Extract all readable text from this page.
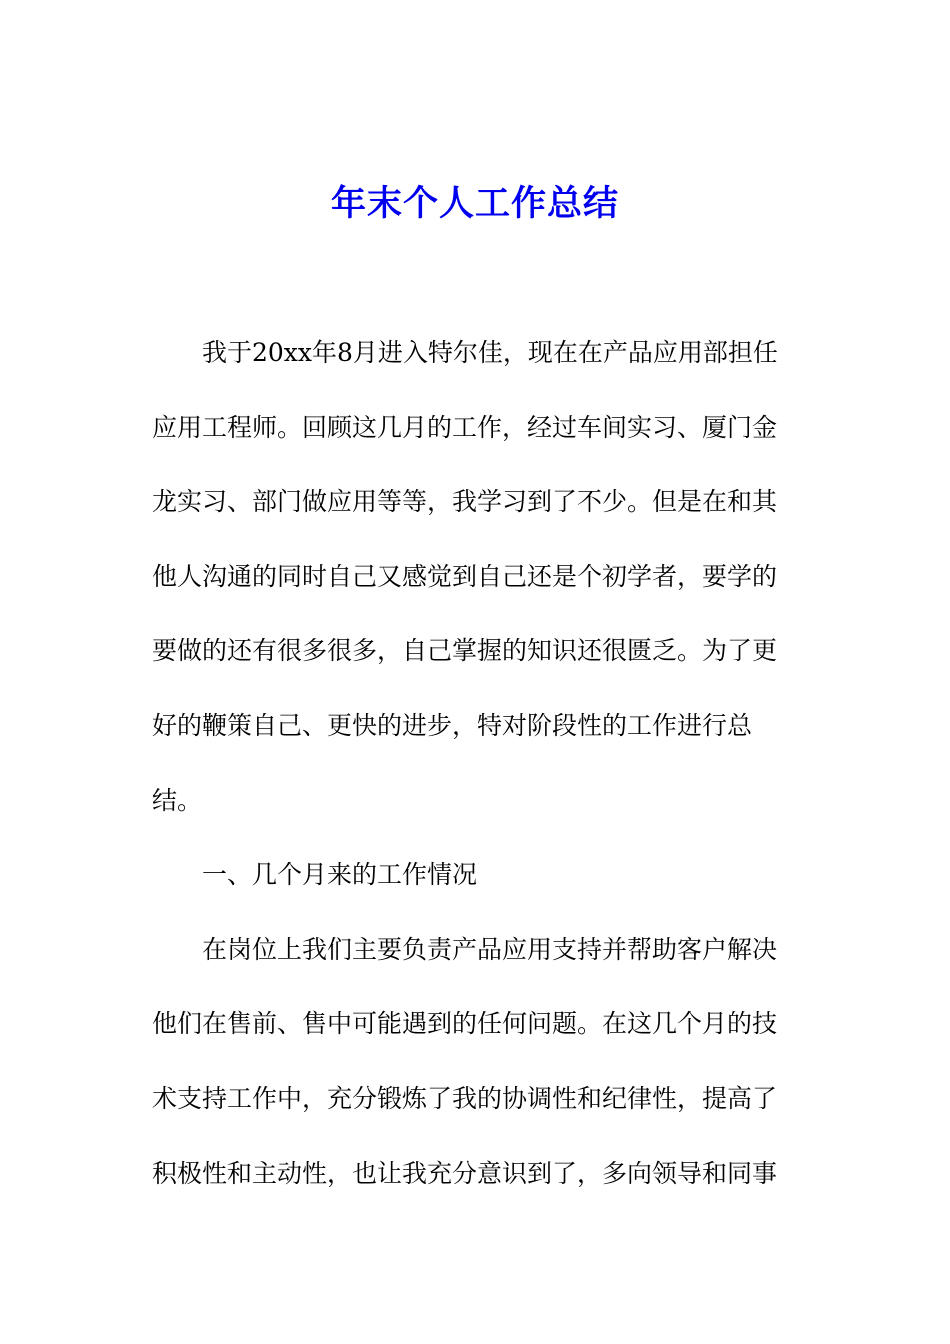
年末个人工作总结

我于20xx年8月进入特尔佳，现在在产品应用部担任

应用工程师。回顾这几月的工作，经过车间实习、厦门金

龙实习、部门做应用等等，我学习到了不少。但是在和其

他人沟通的同时自己又感觉到自己还是个初学者，要学的

要做的还有很多很多，自己掌握的知识还很匮乏。为了更

好的鞭策自己、更快的进步，特对阶段性的工作进行总

结。

一、几个月来的工作情况

在岗位上我们主要负责产品应用支持并帮助客户解决

他们在售前、售中可能遇到的任何问题。在这几个月的技

术支持工作中，充分锻炼了我的协调性和纪律性，提高了

积极性和主动性，也让我充分意识到了，多向领导和同事
